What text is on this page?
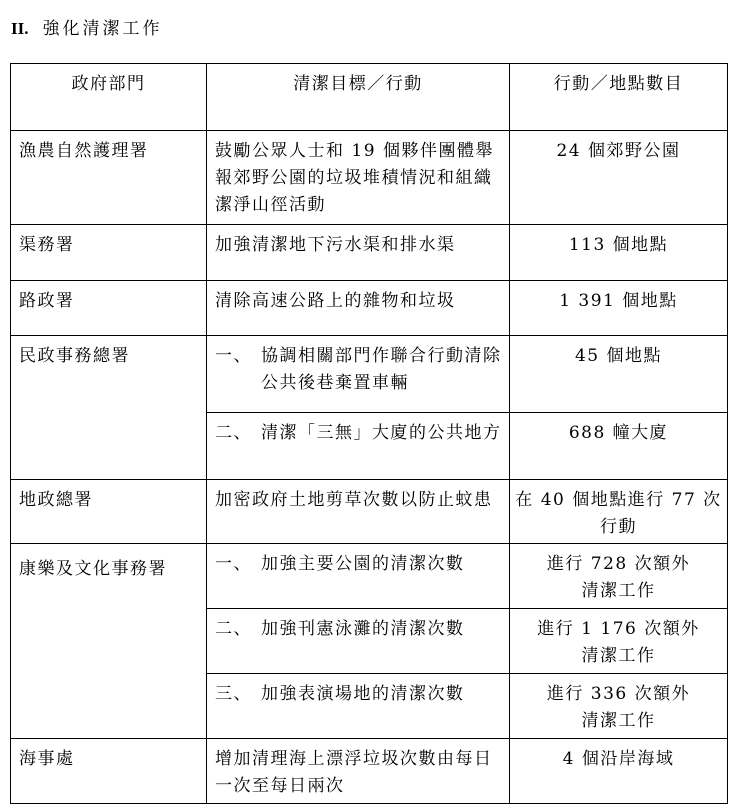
II. 強化清潔工作
政府部門	清潔目標／行動	行動／地點數目
漁農自然護理署	鼓勵公眾人士和 19 個夥伴團體舉報郊野公園的垃圾堆積情況和組織潔淨山徑活動	24 個郊野公園
渠務署	加強清潔地下污水渠和排水渠	113 個地點
路政署	清除高速公路上的雜物和垃圾	1 391 個地點
民政事務總署	一、 協調相關部門作聯合行動清除公共後巷棄置車輛	45 個地點

	二、 清潔「三無」大廈的公共地方	688 幢大廈
地政總署	加密政府土地剪草次數以防止蚊患	在 40 個地點進行 77 次行動
康樂及文化事務署	一、 加強主要公園的清潔次數	進行 728 次額外清潔工作

	二、 加強刊憲泳灘的清潔次數	進行 1 176 次額外清潔工作

	三、 加強表演場地的清潔次數	進行 336 次額外清潔工作
海事處	增加清理海上漂浮垃圾次數由每日一次至每日兩次	4 個沿岸海域
